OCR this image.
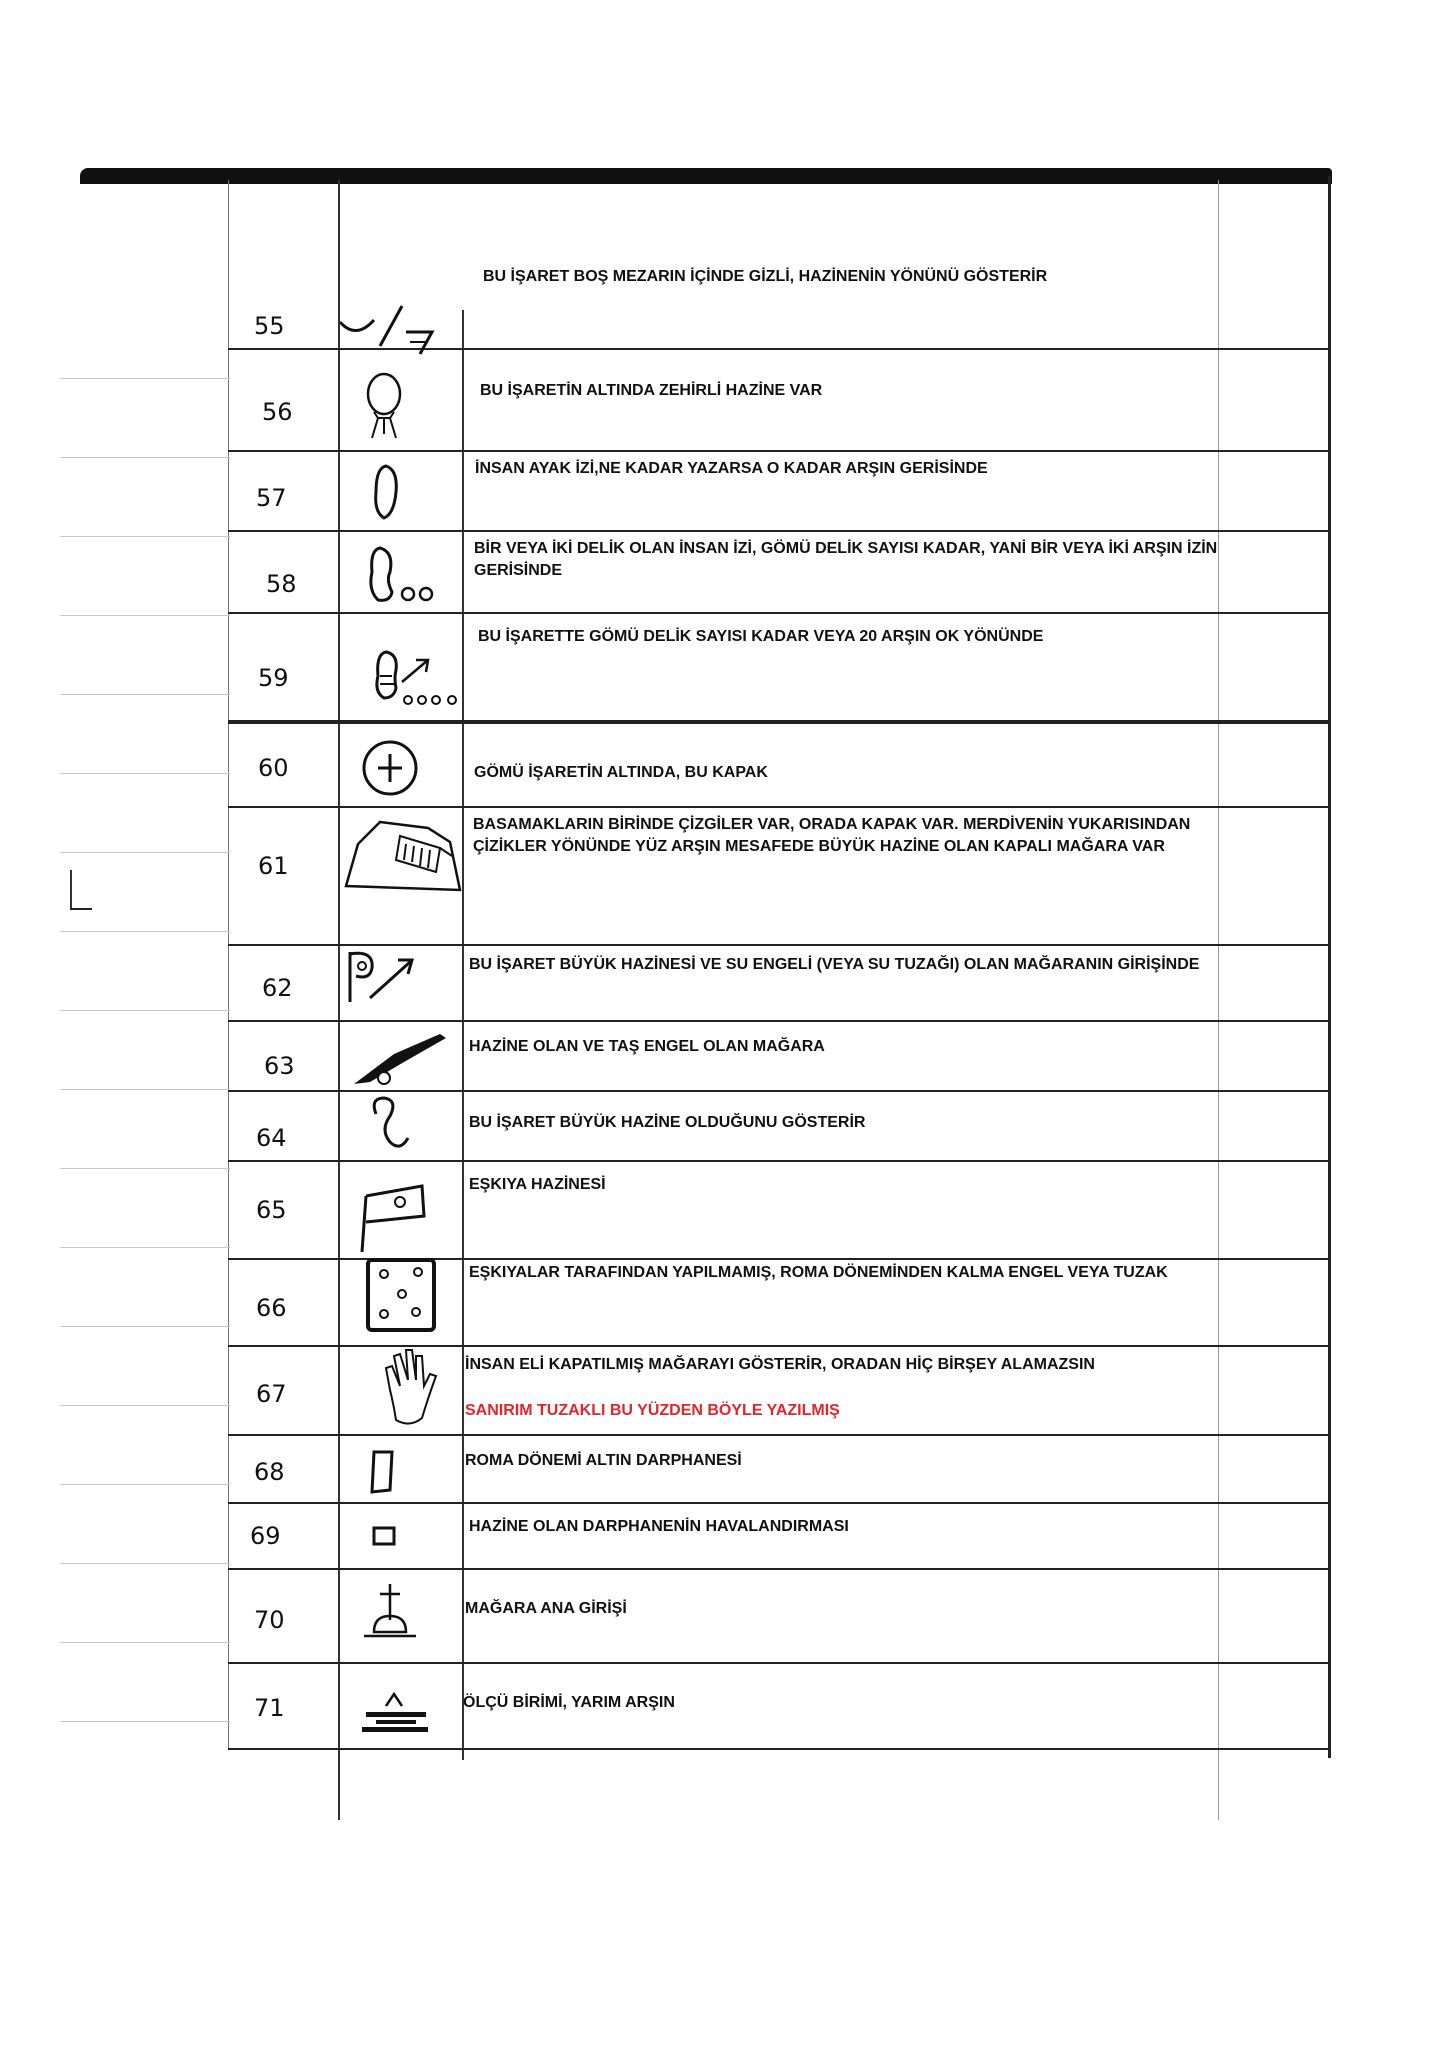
55
56
57
58
59
60
61
62
63
64
65
66
67
68
69
70
71
BU İŞARET BOŞ MEZARIN İÇİNDE GİZLİ, HAZİNENİN YÖNÜNÜ GÖSTERİR
BU İŞARETİN ALTINDA ZEHİRLİ HAZİNE VAR
İNSAN AYAK İZİ,NE KADAR YAZARSA O KADAR ARŞIN GERİSİNDE
BİR VEYA İKİ DELİK OLAN İNSAN İZİ, GÖMÜ DELİK SAYISI KADAR, YANİ BİR VEYA İKİ ARŞIN İZİN GERİSİNDE
BU İŞARETTE GÖMÜ DELİK SAYISI KADAR VEYA 20 ARŞIN OK YÖNÜNDE
GÖMÜ İŞARETİN ALTINDA, BU KAPAK
BASAMAKLARIN BİRİNDE ÇİZGİLER VAR, ORADA KAPAK VAR. MERDİVENİN YUKARISINDAN ÇİZİKLER YÖNÜNDE YÜZ ARŞIN MESAFEDE BÜYÜK HAZİNE OLAN KAPALI MAĞARA VAR
BU İŞARET BÜYÜK HAZİNESİ VE SU ENGELİ (VEYA SU TUZAĞI) OLAN MAĞARANIN GİRİŞİNDE
HAZİNE OLAN VE TAŞ ENGEL OLAN MAĞARA
BU İŞARET BÜYÜK HAZİNE OLDUĞUNU GÖSTERİR
EŞKIYA HAZİNESİ
EŞKIYALAR TARAFINDAN YAPILMAMIŞ, ROMA DÖNEMİNDEN KALMA ENGEL VEYA TUZAK
İNSAN ELİ KAPATILMIŞ MAĞARAYI GÖSTERİR, ORADAN HİÇ BİRŞEY ALAMAZSIN
SANIRIM TUZAKLI BU YÜZDEN BÖYLE YAZILMIŞ
ROMA DÖNEMİ ALTIN DARPHANESİ
HAZİNE OLAN DARPHANENİN HAVALANDIRMASI
MAĞARA ANA GİRİŞİ
ÖLÇÜ BİRİMİ, YARIM ARŞIN
